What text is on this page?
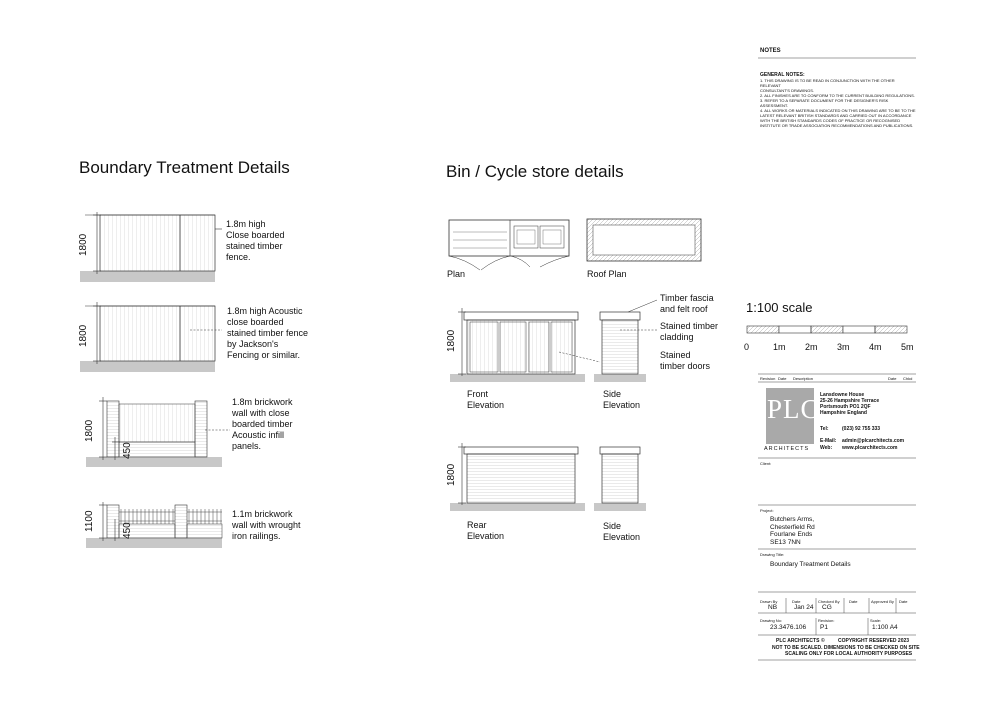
Boundary Treatment Details	Bin / Cycle store details
1800
1800
1800
450
1100	450
1.8m high
Close boarded
stained timber
fence.
1.8m high Acoustic
close boarded
stained timber fence
by Jackson's
Fencing or similar.
1.8m brickwork
wall with close
boarded timber
Acoustic infill
panels.
1.1m brickwork
wall with wrought
iron railings.
Plan	Roof Plan
1800
1800
Front
Elevation
Side
Elevation
Rear
Elevation
Side
Elevation
Timber fascia
and felt roof
Stained timber
cladding
Stained
timber doors
1:100 scale
0	1m 2m 3m 4m 5m
NOTES
GENERAL NOTES:
1. THIS DRAWING IS TO BE READ IN CONJUNCTION WITH THE OTHER RELEVANT
CONSULTANT'S DRAWINGS.
2. ALL FINISHES ARE TO CONFORM TO THE CURRENT BUILDING REGULATIONS.
3. REFER TO A SEPARATE DOCUMENT FOR THE DESIGNER'S RISK ASSESSMENT.
4. ALL WORKS OR MATERIALS INDICATED ON THIS DRAWING ARE TO BE TO THE
LATEST RELEVANT BRITISH STANDARDS AND CARRIED OUT IN ACCORDANCE
WITH THE BRITISH STANDARDS CODES OF PRACTICE OR RECOGNISED
INSTITUTE OR TRADE ASSOCIATION RECOMMENDATIONS AND PUBLICATIONS.
Revision Date Description	Date Chkd
PLC
ARCHITECTS
Lansdowne House
25-26 Hampshire Terrace
Portsmouth PO1 2QF
Hampshire England
Tel:	(023) 92 755 333
E-Mail: admin@plcarchitects.com
Web: www.plcarchitects.com
Client:
Project:
Butchers Arms,
Chesterfield Rd
Fourlane Ends
SE13 7NN
Drawing Title:
Boundary Treatment Details
Drawn By
NB
Date
Jan 24
Checked By
CG
Date	Approved By Date
Drawing No:
23.3476.106
Revision:
P1
Scale:
1:100 A4
PLC ARCHITECTS ©	COPYRIGHT RESERVED 2023
NOT TO BE SCALED. DIMENSIONS TO BE CHECKED ON SITE
SCALING ONLY FOR LOCAL AUTHORITY PURPOSES
